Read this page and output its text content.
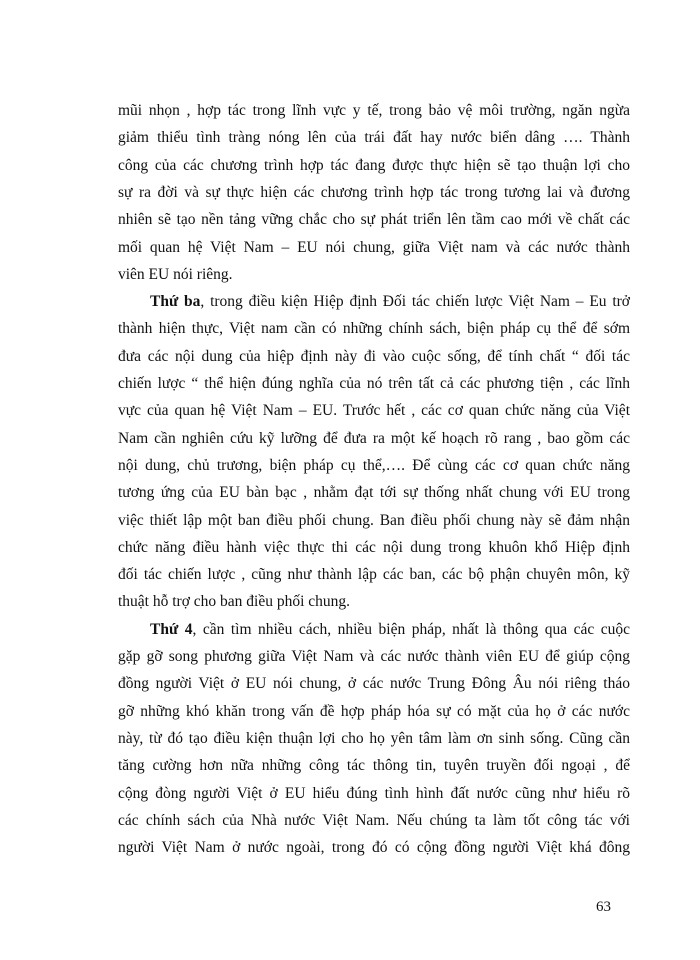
mũi nhọn , hợp tác trong lĩnh vực y tế, trong bảo vệ môi trường, ngăn ngừa
giảm thiểu tình tràng nóng lên của trái đất hay nước biển dâng …. Thành
công của các chương trình hợp tác đang được thực hiện sẽ tạo thuận lợi cho
sự ra đời và sự thực hiện các chương trình hợp tác trong tương lai và đương
nhiên sẽ tạo nền tảng vững chắc cho sự phát triển lên tầm cao mới về chất các
mối quan hệ Việt Nam – EU nói chung, giữa Việt nam và các nước thành
viên EU nói riêng.
Thứ ba, trong điều kiện Hiệp định Đối tác chiến lược Việt Nam – Eu trở
thành hiện thực, Việt nam cần có những chính sách, biện pháp cụ thể để sớm
đưa các nội dung của hiệp định này đi vào cuộc sống, để tính chất “ đối tác
chiến lược “ thể hiện đúng nghĩa của nó trên tất cả các phương tiện , các lĩnh
vực của quan hệ Việt Nam – EU. Trước hết , các cơ quan chức năng của Việt
Nam cần nghiên cứu kỹ lưỡng để đưa ra một kế hoạch rõ rang , bao gồm các
nội dung, chủ trương, biện pháp cụ thể,…. Để cùng các cơ quan chức năng
tương ứng của EU bàn bạc , nhằm đạt tới sự thống nhất chung với EU trong
việc thiết lập một ban điều phối chung. Ban điều phối chung này sẽ đảm nhận
chức năng điều hành việc thực thi các nội dung trong khuôn khổ Hiệp định
đối tác chiến lược , cũng như thành lập các ban, các bộ phận chuyên môn, kỹ
thuật hỗ trợ cho ban điều phối chung.
Thứ 4, cần tìm nhiều cách, nhiều biện pháp, nhất là thông qua các cuộc
gặp gỡ song phương giữa Việt Nam và các nước thành viên EU để giúp cộng
đồng người Việt ở EU nói chung, ở các nước Trung Đông Âu nói riêng tháo
gỡ những khó khăn trong vấn đề hợp pháp hóa sự có mặt của họ ở các nước
này, từ đó tạo điều kiện thuận lợi cho họ yên tâm làm ơn sinh sống. Cũng cần
tăng cường hơn nữa những công tác thông tin, tuyên truyền đối ngoại , để
cộng đòng người Việt ở EU hiểu đúng tình hình đất nước cũng như hiểu rõ
các chính sách của Nhà nước Việt Nam. Nếu chúng ta làm tốt công tác với
người Việt Nam ở nước ngoài, trong đó có cộng đồng người Việt khá đông
63
